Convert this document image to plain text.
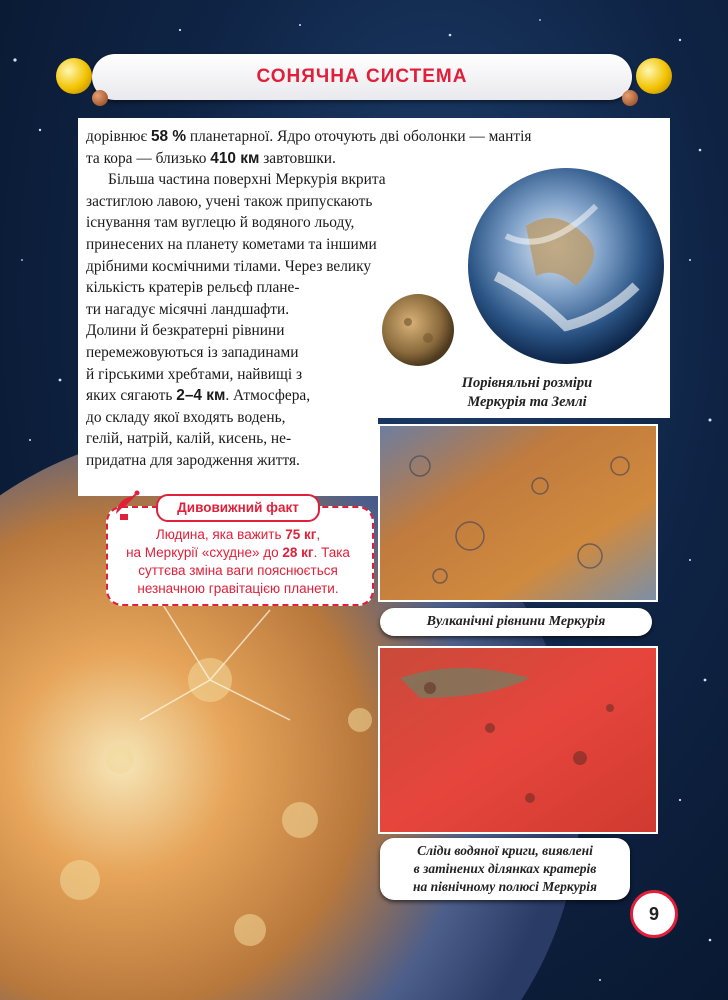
СОНЯЧНА СИСТЕМА
дорівнює 58 % планетарної. Ядро оточують дві оболонки — мантія
та кора — близько 410 км завтовшки.
Більша частина поверхні Меркурія вкрита
застиглою лавою, учені також припускають
існування там вуглецю й водяного льоду,
принесених на планету кометами та іншими
дрібними космічними тілами. Через велику
кількість кратерів рельєф плане-
ти нагадує місячні ландшафти.
Долини й безкратерні рівнини
перемежовуються із западинами
й гірськими хребтами, найвищі з
яких сягають 2–4 км. Атмосфера,
до складу якої входять водень,
гелій, натрій, калій, кисень, не-
придатна для зародження життя.
Порівняльні розміри
Меркурія та Землі
Вулканічні рівнини Меркурія
Сліди водяної криги, виявлені
в затінених ділянках кратерів
на північному полюсі Меркурія
Дивовижний факт
Людина, яка важить 75 кг,
на Меркурії «схудне» до 28 кг. Така
суттєва зміна ваги пояснюється
незначною гравітацією планети.
9
